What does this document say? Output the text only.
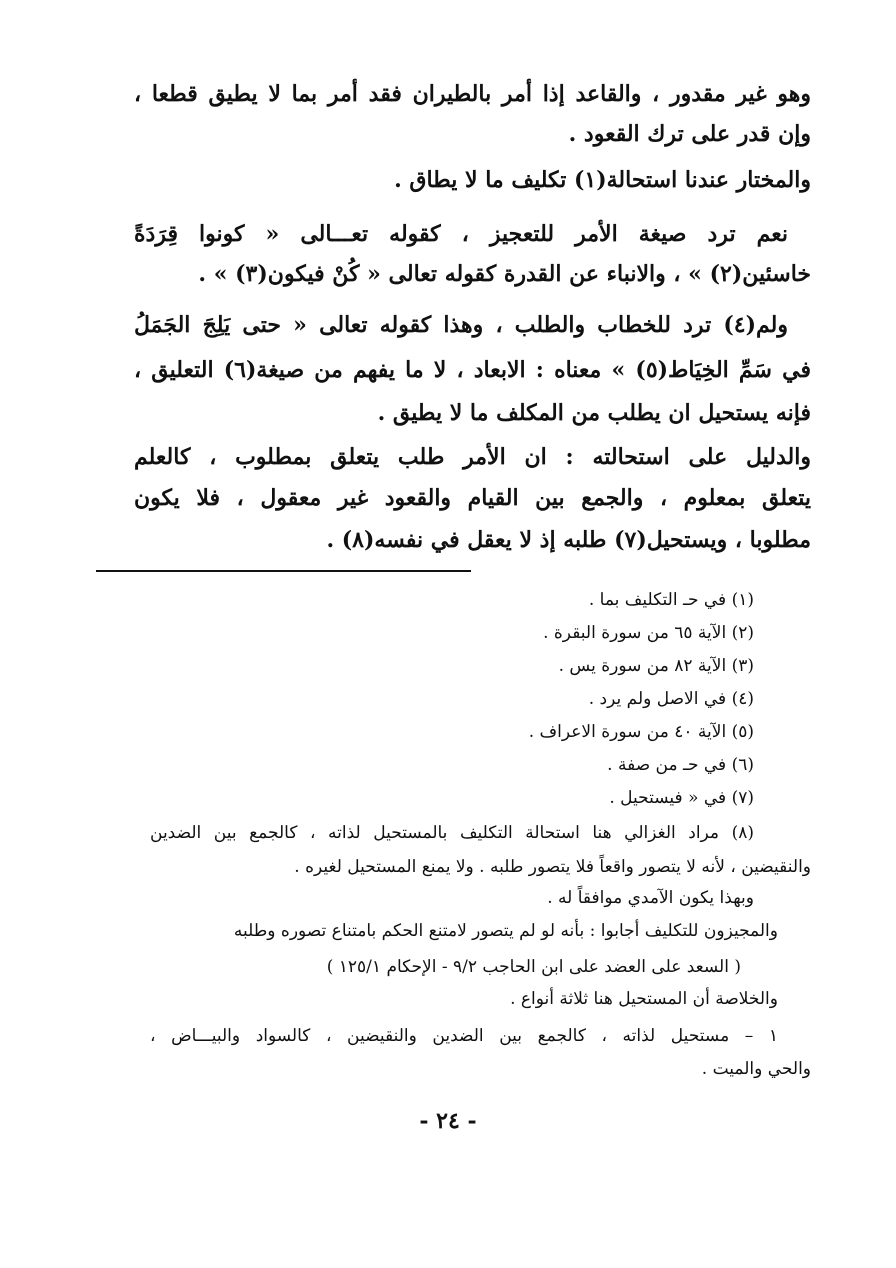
وهو غير مقدور ، والقاعد إذا أمر بالطيران فقد أمر بما لا يطيق قطعا ،
وإن قدر على ترك القعود .
والمختار عندنا استحالة(١) تكليف ما لا يطاق .
نعم ترد صيغة الأمر للتعجيز ، كقوله تعـــالى « كونوا قِرَدَةً
خاسئين(٢) » ، والانباء عن القدرة كقوله تعالى « كُنْ فيكون(٣) » .
ولم(٤) ترد للخطاب والطلب ، وهذا كقوله تعالى « حتى يَلِجَ الجَمَلُ
في سَمِّ الخِيَاط(٥) » معناه : الابعاد ، لا ما يفهم من صيغة(٦) التعليق ،
فإنه يستحيل ان يطلب من المكلف ما لا يطيق .
والدليل على استحالته : ان الأمر طلب يتعلق بمطلوب ، كالعلم
يتعلق بمعلوم ، والجمع بين القيام والقعود غير معقول ، فلا يكون
مطلوبا ، ويستحيل(٧) طلبه إذ لا يعقل في نفسه(٨) .
(١) في حـ التكليف بما .
(٢) الآية ٦٥ من سورة البقرة .
(٣) الآية ٨٢ من سورة يس .
(٤) في الاصل ولم يرد .
(٥) الآية ٤٠ من سورة الاعراف .
(٦) في حـ من صفة .
(٧) في « فيستحيل .
(٨) مراد الغزالي هنا استحالة التكليف بالمستحيل لذاته ، كالجمع بين الضدين
والنقيضين ، لأنه لا يتصور واقعاً فلا يتصور طلبه . ولا يمنع المستحيل لغيره .
وبهذا يكون الآمدي موافقاً له .
والمجيزون للتكليف أجابوا : بأنه لو لم يتصور لامتنع الحكم بامتناع تصوره وطلبه
( السعد على العضد على ابن الحاجب ٩/٢ - الإحكام ١٢٥/١ )
والخلاصة أن المستحيل هنا ثلاثة أنواع .
١ – مستحيل لذاته ، كالجمع بين الضدين والنقيضين ، كالسواد والبيـــاض ،
والحي والميت .
- ٢٤ -
